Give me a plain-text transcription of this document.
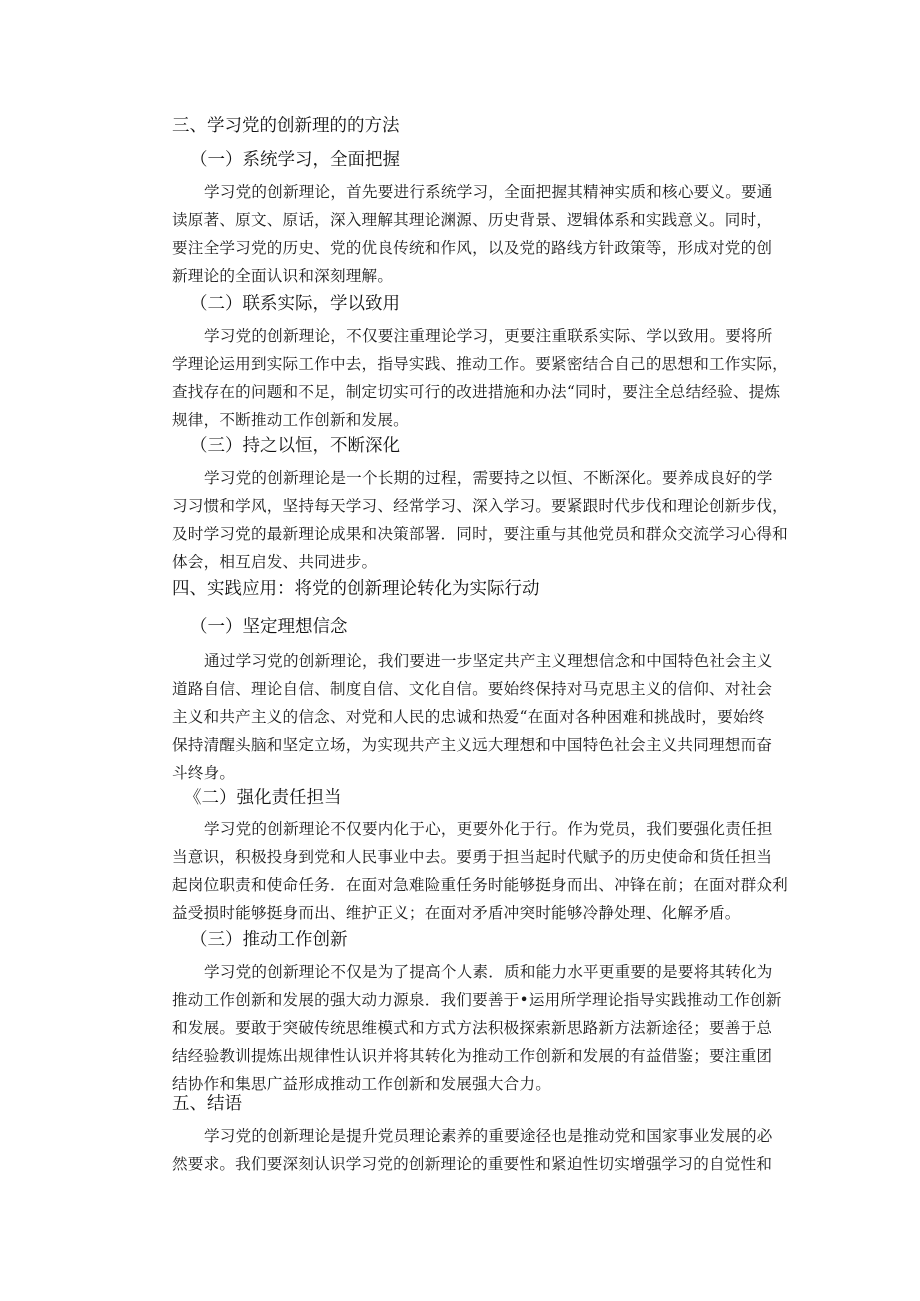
三、学习党的创新理的的方法
（一）系统学习，全面把握
学习党的创新理论，首先要进行系统学习，全面把握其精神实质和核心要义。要通
读原著、原文、原话，深入理解其理论渊源、历史背景、逻辑体系和实践意义。同时，
要注全学习党的历史、党的优良传统和作风，以及党的路线方针政策等，形成对党的创
新理论的全面认识和深刻理解。
（二）联系实际，学以致用
学习党的创新理论，不仅要注重理论学习，更要注重联系实际、学以致用。要将所
学理论运用到实际工作中去，指导实践、推动工作。要紧密结合自己的思想和工作实际，
查找存在的问题和不足，制定切实可行的改进措施和办法“同时，要注全总结经验、提炼
规律，不断推动工作创新和发展。
（三）持之以恒，不断深化
学习党的创新理论是一个长期的过程，需要持之以恒、不断深化。要养成良好的学
习习惯和学风，坚持每天学习、经常学习、深入学习。要紧跟时代步伐和理论创新步伐，
及时学习党的最新理论成果和决策部署．同时，要注重与其他党员和群众交流学习心得和
体会，相互启发、共同进步。
四、实践应用：将党的创新理论转化为实际行动
（一）坚定理想信念
通过学习党的创新理论，我们要进一步坚定共产主义理想信念和中国特色社会主义
道路自信、理论自信、制度自信、文化自信。要始终保持对马克思主义的信仰、对社会
主义和共产主义的信念、对党和人民的忠诚和热爱“在面对各种困难和挑战时，要始终
保持清醒头脑和坚定立场，为实现共产主义远大理想和中国特色社会主义共同理想而奋
斗终身。
《二）强化责任担当
学习党的创新理论不仅要内化于心，更要外化于行。作为党员，我们要强化责任担
当意识，积极投身到党和人民事业中去。要勇于担当起时代赋予的历史使命和货任担当
起岗位职责和使命任务．在面对急难险重任务时能够挺身而出、冲锋在前；在面对群众利
益受损时能够挺身而出、维护正义；在面对矛盾冲突时能够冷静处理、化解矛盾。
（三）推动工作创新
学习党的创新理论不仅是为了提高个人素．质和能力水平更重要的是要将其转化为
推动工作创新和发展的强大动力源泉．我们要善于•运用所学理论指导实践推动工作创新
和发展。要敢于突破传统思维模式和方式方法积极探索新思路新方法新途径；要善于总
结经验教训提炼出规律性认识并将其转化为推动工作创新和发展的有益借鉴；要注重团
结协作和集思广益形成推动工作创新和发展强大合力。
五、结语
学习党的创新理论是提升党员理论素养的重要途径也是推动党和国家事业发展的必
然要求。我们要深刻认识学习党的创新理论的重要性和紧迫性切实增强学习的自觉性和
